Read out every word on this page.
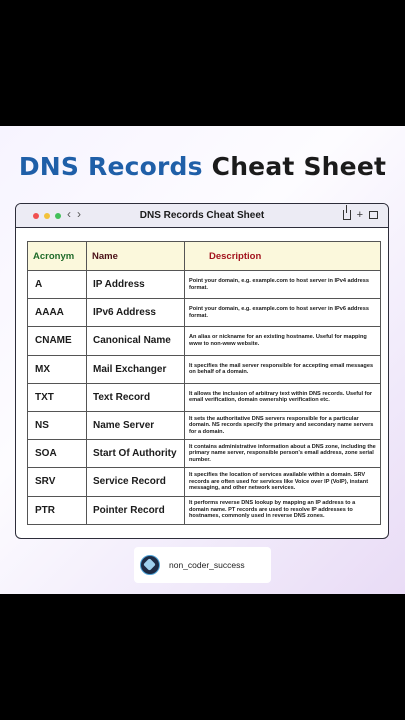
DNS Records Cheat Sheet
‹ ›	DNS Records Cheat Sheet	+
Acronym	Name	Description
A	IP Address	Point your domain, e.g. example.com to host server in IPv4 address format.
AAAA	IPv6 Address	Point your domain, e.g. example.com to host server in IPv6 address format.
CNAME	Canonical Name	An alias or nickname for an existing hostname. Useful for mapping www to non-www website.
MX	Mail Exchanger	It specifies the mail server responsible for accepting email messages on behalf of a domain.
TXT	Text Record	It allows the inclusion of arbitrary text within DNS records. Useful for email verification, domain ownership verification etc.
NS	Name Server	It sets the authoritative DNS servers responsible for a particular domain. NS records specify the primary and secondary name servers for a domain.
SOA	Start Of Authority	It contains administrative information about a DNS zone, including the primary name server, responsible person's email address, zone serial number.
SRV	Service Record	It specifies the location of services available within a domain. SRV records are often used for services like Voice over IP (VoIP), instant messaging, and other network services.
PTR	Pointer Record	It performs reverse DNS lookup by mapping an IP address to a domain name. PT records are used to resolve IP addresses to hostnames, commonly used in reverse DNS zones.
non_coder_success
